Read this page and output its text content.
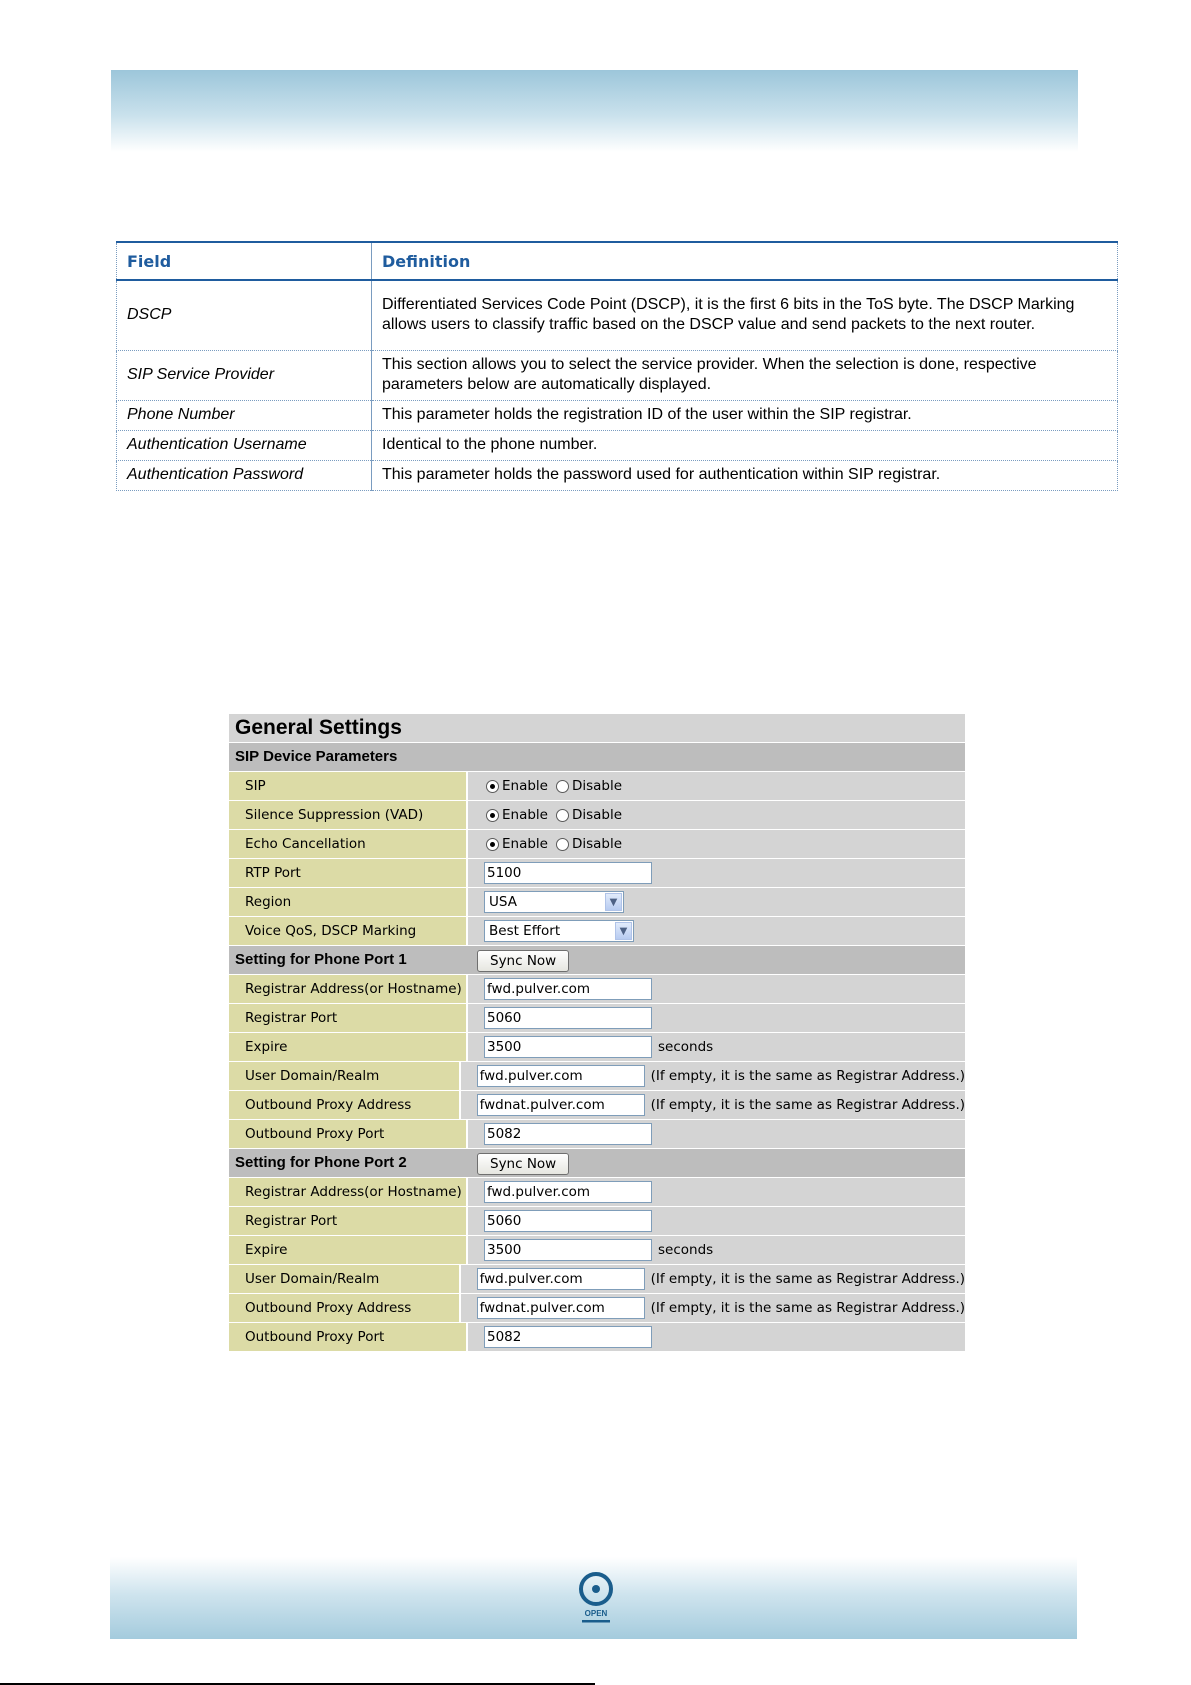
Field	Definition
DSCP	Differentiated Services Code Point (DSCP), it is the first 6 bits in the ToS byte. The DSCP Marking allows users to classify traffic based on the DSCP value and send packets to the next router.
SIP Service Provider	This section allows you to select the service provider. When the selection is done, respective parameters below are automatically displayed.
Phone Number	This parameter holds the registration ID of the user within the SIP registrar.
Authentication Username	Identical to the phone number.
Authentication Password	This parameter holds the password used for authentication within SIP registrar.
General Settings
SIP Device Parameters
SIP	Enable Disable
Silence Suppression (VAD)	Enable Disable
Echo Cancellation	Enable Disable
RTP Port	5100
Region	USA	▼
Voice QoS, DSCP Marking	Best Effort	▼
Setting for Phone Port 1	Sync Now
Registrar Address(or Hostname)	fwd.pulver.com
Registrar Port	5060
Expire	3500	seconds
User Domain/Realm	fwd.pulver.com	(If empty, it is the same as Registrar Address.)
Outbound Proxy Address	fwdnat.pulver.com	(If empty, it is the same as Registrar Address.)
Outbound Proxy Port	5082
Setting for Phone Port 2	Sync Now
Registrar Address(or Hostname)	fwd.pulver.com
Registrar Port	5060
Expire	3500	seconds
User Domain/Realm	fwd.pulver.com	(If empty, it is the same as Registrar Address.)
Outbound Proxy Address	fwdnat.pulver.com	(If empty, it is the same as Registrar Address.)
Outbound Proxy Port	5082
OPEN
